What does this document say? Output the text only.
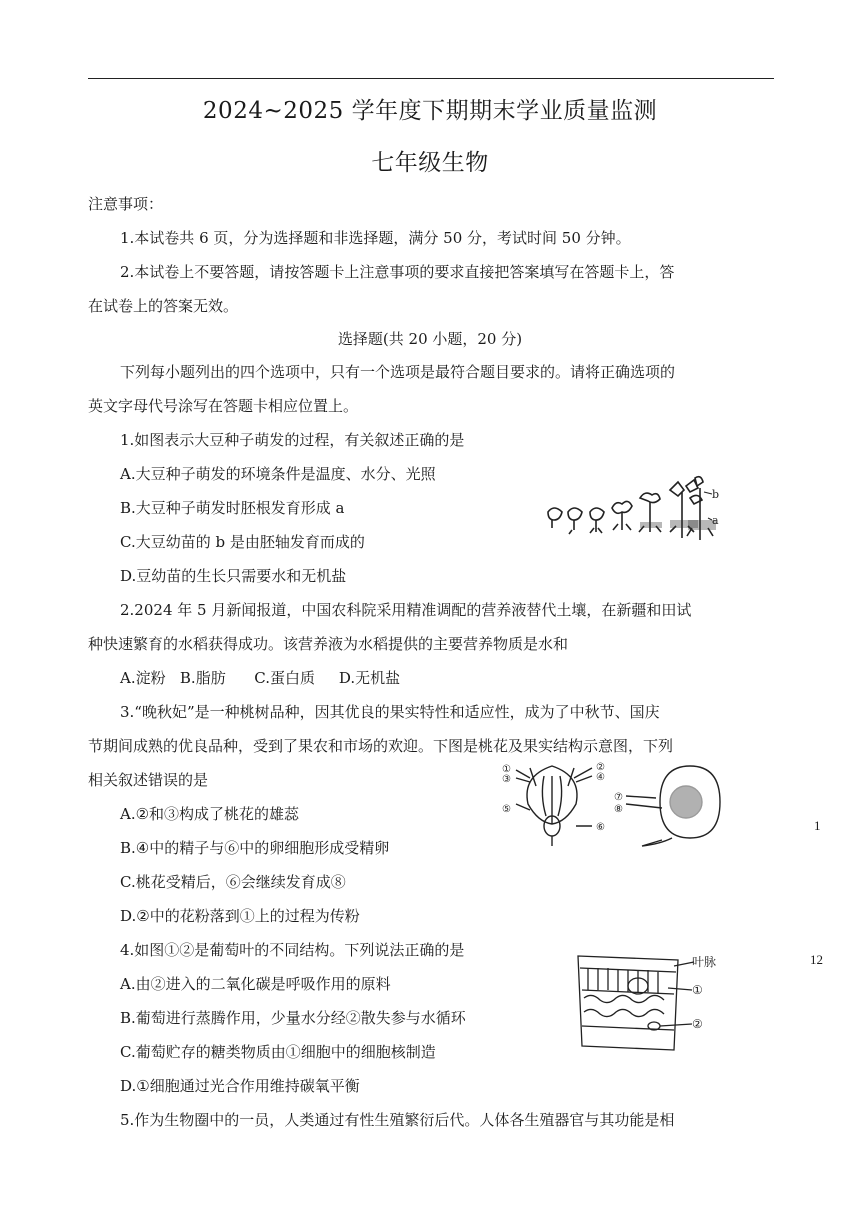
2024~2025 学年度下期期末学业质量监测
七年级生物
注意事项：
1.本试卷共 6 页，分为选择题和非选择题，满分 50 分，考试时间 50 分钟。
2.本试卷上不要答题，请按答题卡上注意事项的要求直接把答案填写在答题卡上，答
在试卷上的答案无效。
选择题(共 20 小题，20 分)
下列每小题列出的四个选项中，只有一个选项是最符合题目要求的。请将正确选项的
英文字母代号涂写在答题卡相应位置上。
1.如图表示大豆种子萌发的过程，有关叙述正确的是
A.大豆种子萌发的环境条件是温度、水分、光照
B.大豆种子萌发时胚根发育形成 a
C.大豆幼苗的 b 是由胚轴发育而成的
D.豆幼苗的生长只需要水和无机盐
b
a
2.2024 年 5 月新闻报道，中国农科院采用精准调配的营养液替代土壤，在新疆和田试
种快速繁育的水稻获得成功。该营养液为水稻提供的主要营养物质是水和
A.淀粉   B.脂肪      C.蛋白质     D.无机盐
3.“晚秋妃”是一种桃树品种，因其优良的果实特性和适应性，成为了中秋节、国庆
节期间成熟的优良品种，受到了果农和市场的欢迎。下图是桃花及果实结构示意图，下列
相关叙述错误的是
A.②和③构成了桃花的雄蕊
B.④中的精子与⑥中的卵细胞形成受精卵
C.桃花受精后，⑥会继续发育成⑧
D.②中的花粉落到①上的过程为传粉
①
③
⑤
②
④
⑥
⑦
⑧
4.如图①②是葡萄叶的不同结构。下列说法正确的是
A.由②进入的二氧化碳是呼吸作用的原料
B.葡萄进行蒸腾作用，少量水分经②散失参与水循环
C.葡萄贮存的糖类物质由①细胞中的细胞核制造
D.①细胞通过光合作用维持碳氧平衡
叶脉
①
②
5.作为生物圈中的一员，人类通过有性生殖繁衍后代。人体各生殖器官与其功能是相
1
12
